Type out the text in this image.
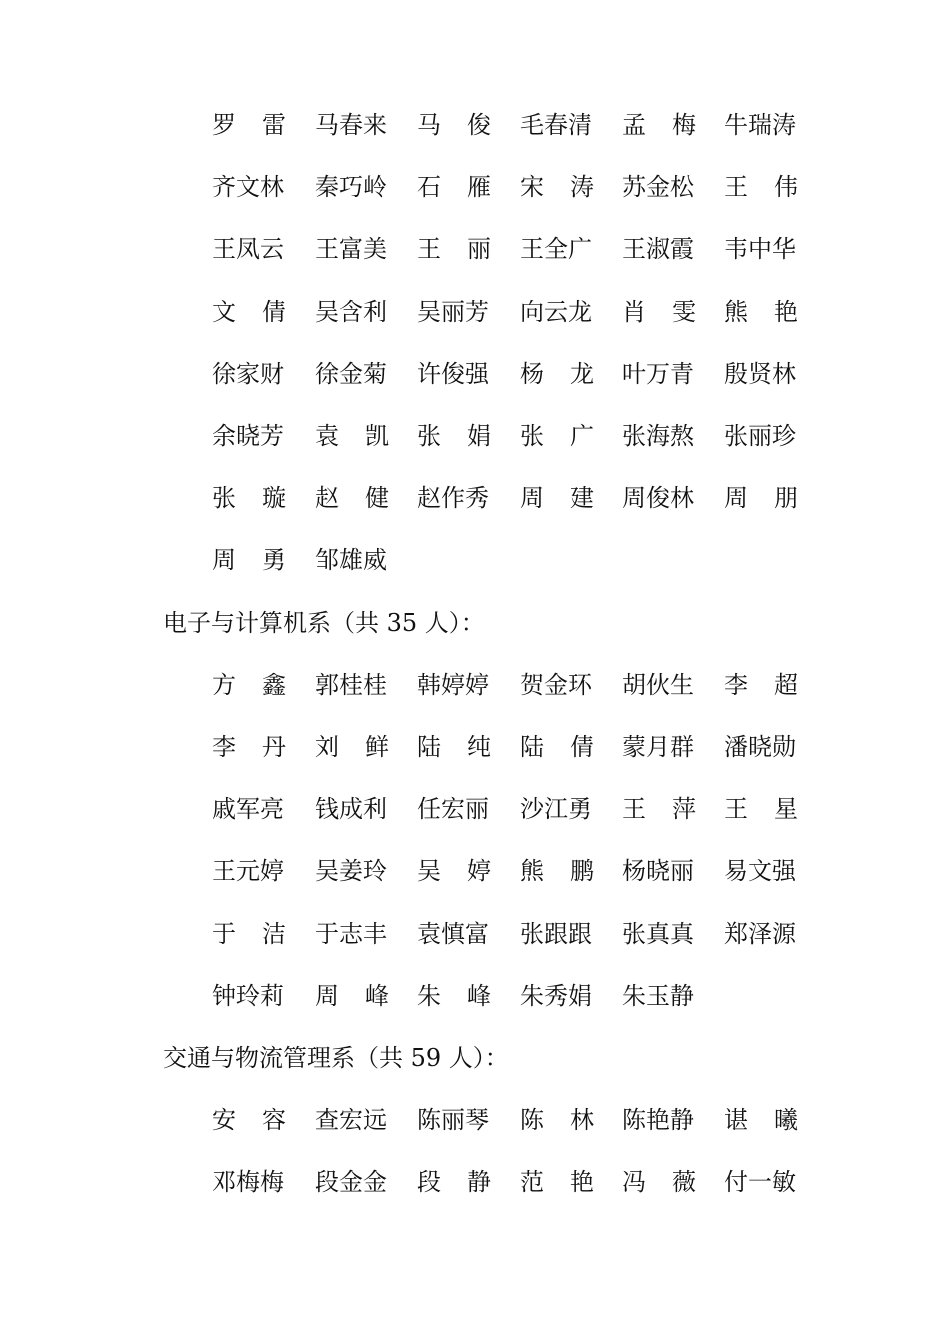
罗 雷 马春来 马 俊 毛春清 孟 梅 牛瑞涛
齐文林 秦巧岭 石 雁 宋 涛 苏金松 王 伟
王凤云 王富美 王 丽 王全广 王淑霞 韦中华
文 倩 吴含利 吴丽芳 向云龙 肖 雯 熊 艳
徐家财 徐金菊 许俊强 杨 龙 叶万青 殷贤林
余晓芳 袁 凯 张 娟 张 广 张海熬 张丽珍
张 璇 赵 健 赵作秀 周 建 周俊林 周 朋
周 勇 邹雄威
电子与计算机系（共 35 人）：
方 鑫 郭桂桂 韩婷婷 贺金环 胡伙生 李 超
李 丹 刘 鲜 陆 纯 陆 倩 蒙月群 潘晓勋
戚军亮 钱成利 任宏丽 沙江勇 王 萍 王 星
王元婷 吴姜玲 吴 婷 熊 鹏 杨晓丽 易文强
于 洁 于志丰 袁慎富 张跟跟 张真真 郑泽源
钟玲莉 周 峰 朱 峰 朱秀娟 朱玉静
交通与物流管理系（共 59 人）：
安 容 查宏远 陈丽琴 陈 林 陈艳静 谌 曦
邓梅梅 段金金 段 静 范 艳 冯 薇 付一敏
